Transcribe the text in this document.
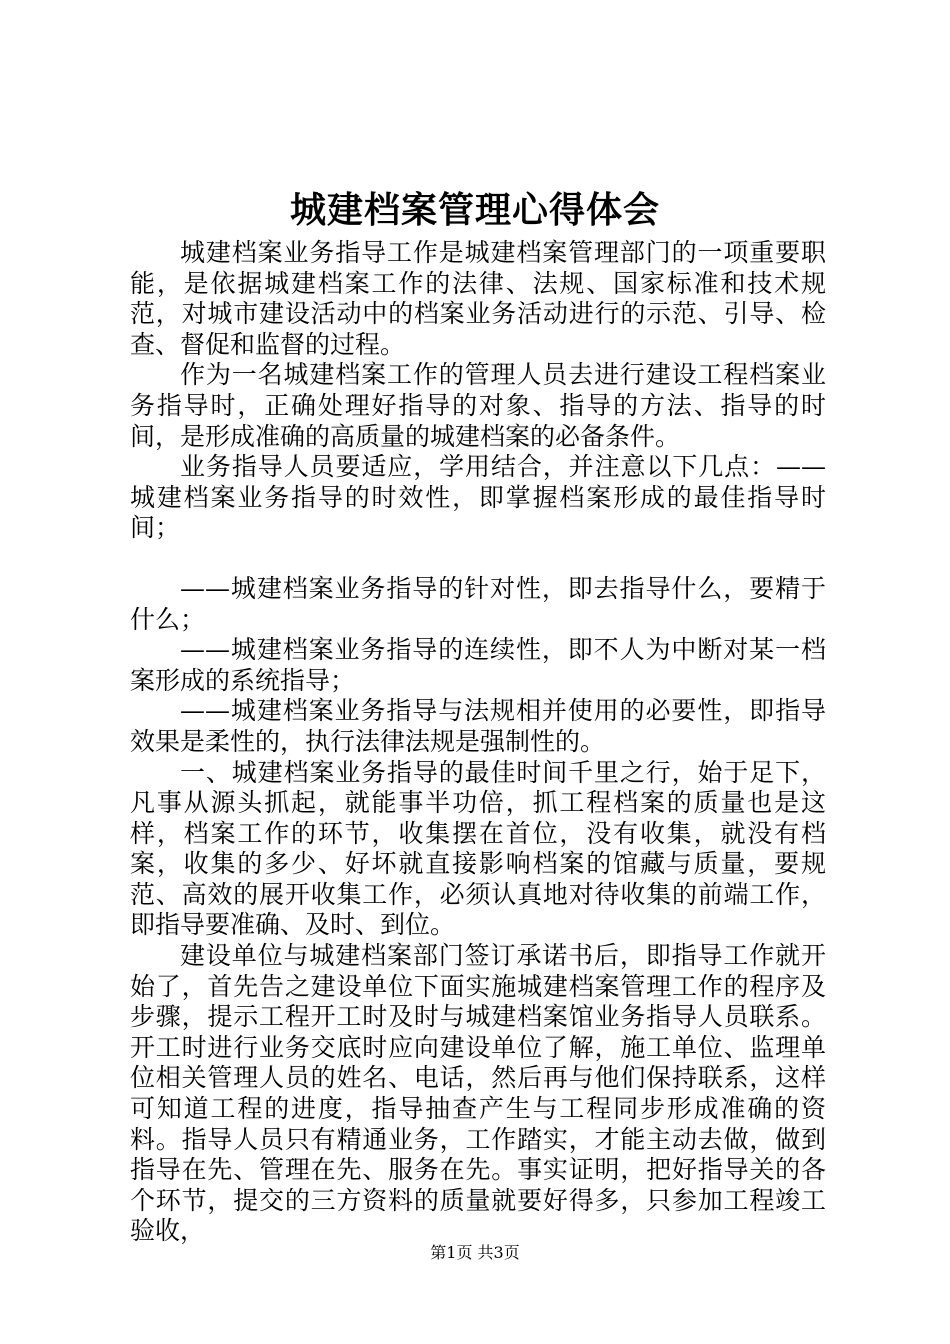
城建档案管理心得体会

城建档案业务指导工作是城建档案管理部门的一项重要职能，是依据城建档案工作的法律、法规、国家标准和技术规范，对城市建设活动中的档案业务活动进行的示范、引导、检查、督促和监督的过程。

作为一名城建档案工作的管理人员去进行建设工程档案业务指导时，正确处理好指导的对象、指导的方法、指导的时间，是形成准确的高质量的城建档案的必备条件。

业务指导人员要适应，学用结合，并注意以下几点：——城建档案业务指导的时效性，即掌握档案形成的最佳指导时间；

——城建档案业务指导的针对性，即去指导什么，要精于什么；

——城建档案业务指导的连续性，即不人为中断对某一档案形成的系统指导；

——城建档案业务指导与法规相并使用的必要性，即指导效果是柔性的，执行法律法规是强制性的。

一、城建档案业务指导的最佳时间千里之行，始于足下，凡事从源头抓起，就能事半功倍，抓工程档案的质量也是这样，档案工作的环节，收集摆在首位，没有收集，就没有档案，收集的多少、好坏就直接影响档案的馆藏与质量，要规范、高效的展开收集工作，必须认真地对待收集的前端工作，即指导要准确、及时、到位。

建设单位与城建档案部门签订承诺书后，即指导工作就开始了，首先告之建设单位下面实施城建档案管理工作的程序及步骤，提示工程开工时及时与城建档案馆业务指导人员联系。开工时进行业务交底时应向建设单位了解，施工单位、监理单位相关管理人员的姓名、电话，然后再与他们保持联系，这样可知道工程的进度，指导抽查产生与工程同步形成准确的资料。指导人员只有精通业务，工作踏实，才能主动去做，做到指导在先、管理在先、服务在先。事实证明，把好指导关的各个环节，提交的三方资料的质量就要好得多，只参加工程竣工验收，

第1页 共3页
